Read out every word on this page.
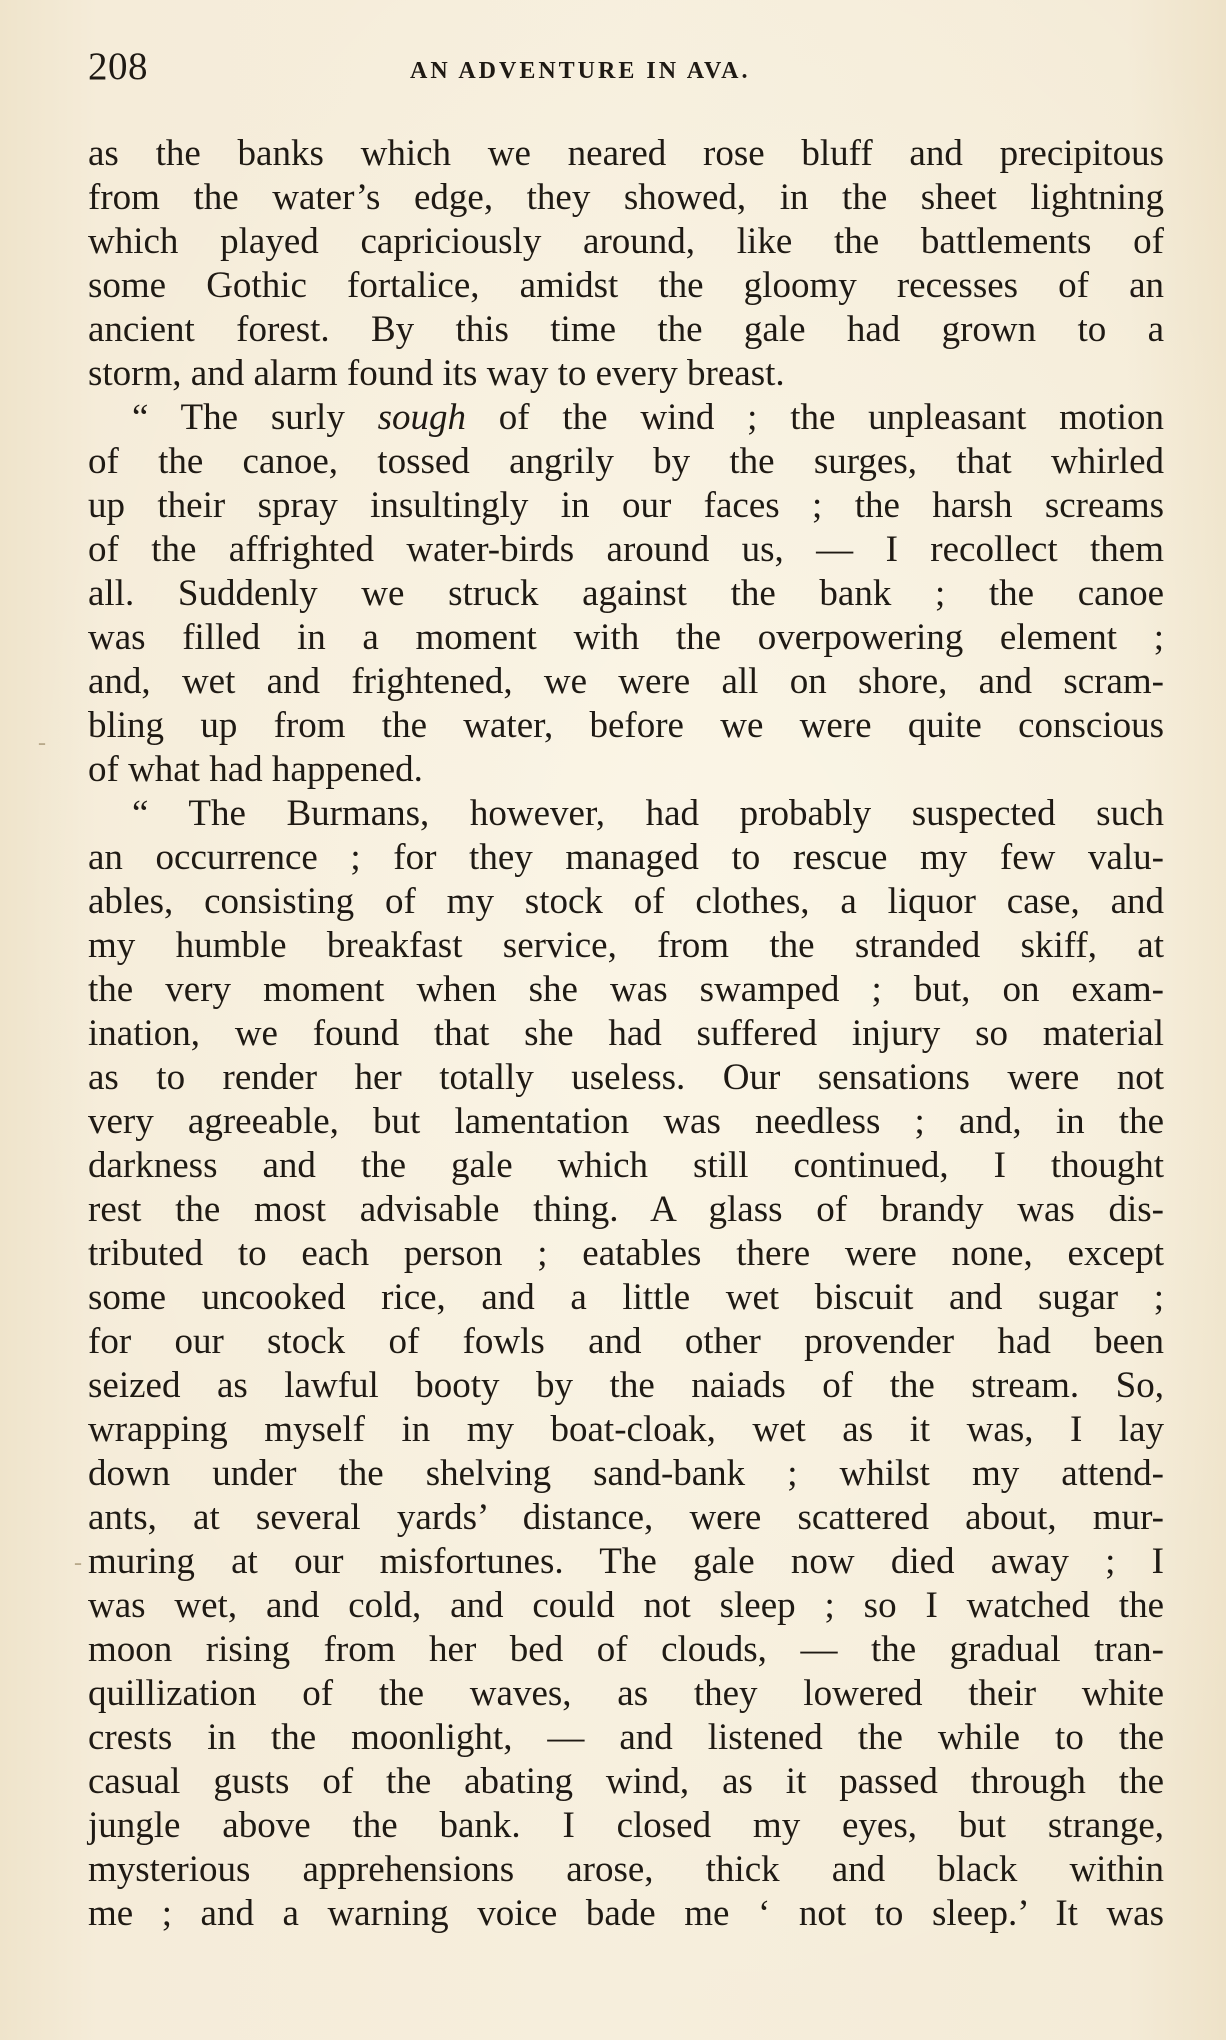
208	AN ADVENTURE IN AVA.
-
-
as the banks which we neared rose bluff and precipitous
from the water’s edge, they showed, in the sheet lightning
which played capriciously around, like the battlements of
some Gothic fortalice, amidst the gloomy recesses of an
ancient forest. By this time the gale had grown to a
storm, and alarm found its way to every breast.
“ The surly sough of the wind ; the unpleasant motion
of the canoe, tossed angrily by the surges, that whirled
up their spray insultingly in our faces ; the harsh screams
of the affrighted water-birds around us, — I recollect them
all. Suddenly we struck against the bank ; the canoe
was filled in a moment with the overpowering element ;
and, wet and frightened, we were all on shore, and scram-
bling up from the water, before we were quite conscious
of what had happened.
“ The Burmans, however, had probably suspected such
an occurrence ; for they managed to rescue my few valu-
ables, consisting of my stock of clothes, a liquor case, and
my humble breakfast service, from the stranded skiff, at
the very moment when she was swamped ; but, on exam-
ination, we found that she had suffered injury so material
as to render her totally useless. Our sensations were not
very agreeable, but lamentation was needless ; and, in the
darkness and the gale which still continued, I thought
rest the most advisable thing. A glass of brandy was dis-
tributed to each person ; eatables there were none, except
some uncooked rice, and a little wet biscuit and sugar ;
for our stock of fowls and other provender had been
seized as lawful booty by the naiads of the stream. So,
wrapping myself in my boat-cloak, wet as it was, I lay
down under the shelving sand-bank ; whilst my attend-
ants, at several yards’ distance, were scattered about, mur-
muring at our misfortunes. The gale now died away ; I
was wet, and cold, and could not sleep ; so I watched the
moon rising from her bed of clouds, — the gradual tran-
quillization of the waves, as they lowered their white
crests in the moonlight, — and listened the while to the
casual gusts of the abating wind, as it passed through the
jungle above the bank. I closed my eyes, but strange,
mysterious apprehensions arose, thick and black within
me ; and a warning voice bade me ‘ not to sleep.’ It was
